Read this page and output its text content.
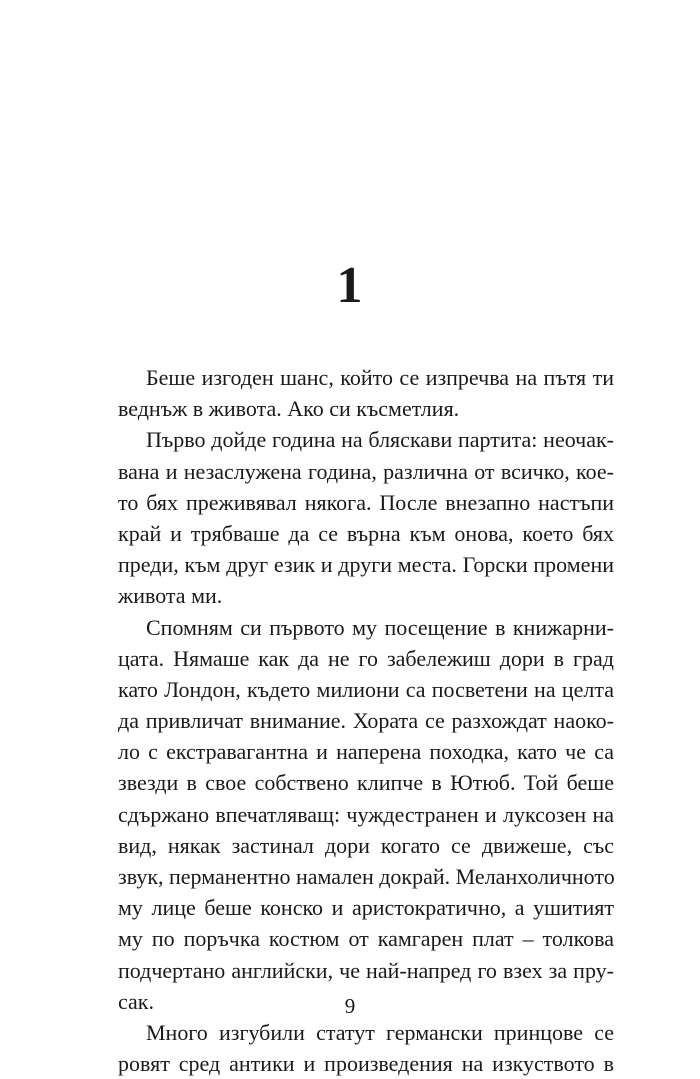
1
Беше изгоден шанс, който се изпречва на пътя ти
веднъж в живота. Ако си късметлия.
Първо дойде година на бляскави партита: неочак-
вана и незаслужена година, различна от всичко, кое-
то бях преживявал някога. После внезапно настъпи
край и трябваше да се върна към онова, което бях
преди, към друг език и други места. Горски промени
живота ми.
Спомням си първото му посещение в книжарни-
цата. Нямаше как да не го забележиш дори в град
като Лондон, където милиони са посветени на целта
да привличат внимание. Хората се разхождат наоко-
ло с екстравагантна и наперена походка, като че са
звезди в свое собствено клипче в Ютюб. Той беше
сдържано впечатляващ: чуждестранен и луксозен на
вид, някак застинал дори когато се движеше, със
звук, перманентно намален докрай. Меланхоличното
му лице беше конско и аристократично, а ушитият
му по поръчка костюм от камгарен плат – толкова
подчертано английски, че най-напред го взех за пру-
сак.
Много изгубили статут германски принцове се
ровят сред антики и произведения на изкуството в
9
